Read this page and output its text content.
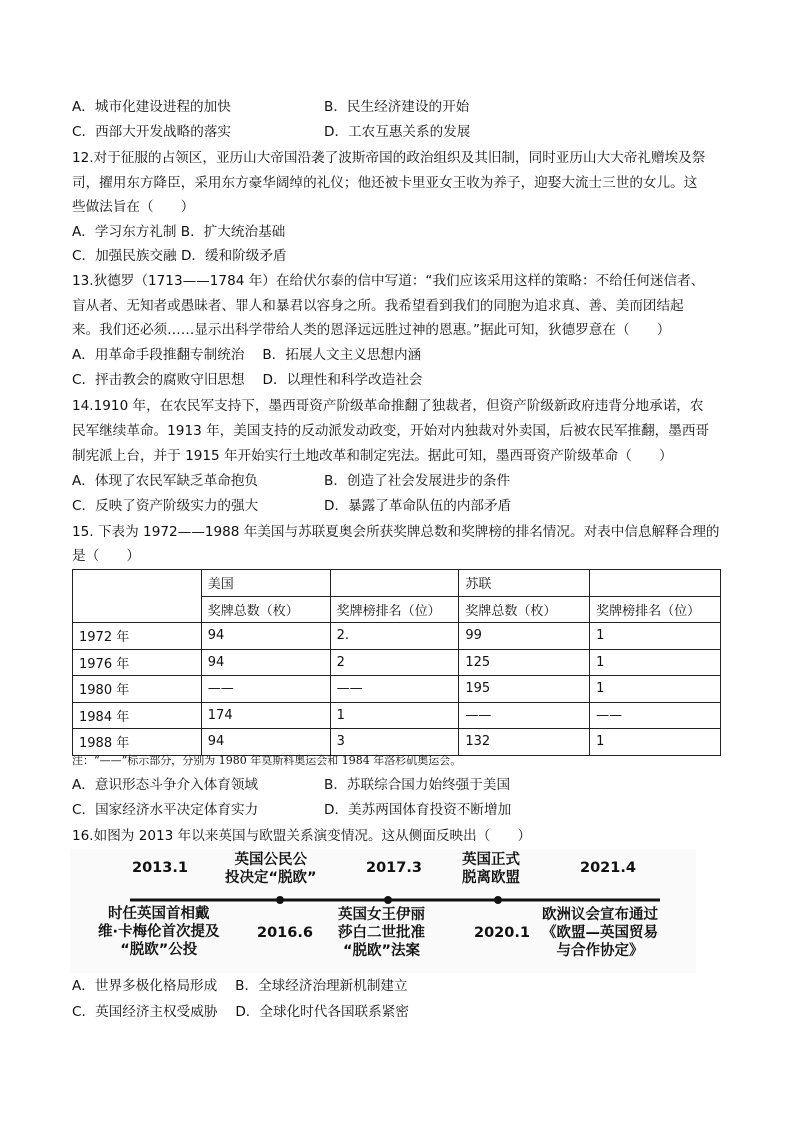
A．城市化建设进程的加快	B．民生经济建设的开始
C．西部大开发战略的落实	D．工农互惠关系的发展
12.对于征服的占领区，亚历山大帝国沿袭了波斯帝国的政治组织及其旧制，同时亚历山大大帝礼赠埃及祭
司，擢用东方降臣，采用东方豪华阔绰的礼仪；他还被卡里亚女王收为养子，迎娶大流士三世的女儿。这
些做法旨在（　　）
A．学习东方礼制 B．扩大统治基础
C．加强民族交融 D．缓和阶级矛盾
13.狄德罗（1713——1784 年）在给伏尔泰的信中写道：“我们应该采用这样的策略：不给任何迷信者、
盲从者、无知者或愚昧者、罪人和暴君以容身之所。我希望看到我们的同胞为追求真、善、美而团结起
来。我们还必须……显示出科学带给人类的恩泽远远胜过神的恩惠。”据此可知，狄德罗意在（　　）
A．用革命手段推翻专制统治　 B．拓展人文主义思想内涵
C．抨击教会的腐败守旧思想　 D．以理性和科学改造社会
14.1910 年，在农民军支持下，墨西哥资产阶级革命推翻了独裁者，但资产阶级新政府违背分地承诺，农
民军继续革命。1913 年，美国支持的反动派发动政变，开始对内独裁对外卖国，后被农民军推翻，墨西哥
制宪派上台，并于 1915 年开始实行土地改革和制定宪法。据此可知，墨西哥资产阶级革命（　　）
A．体现了农民军缺乏革命抱负	B．创造了社会发展进步的条件
C．反映了资产阶级实力的强大	D．暴露了革命队伍的内部矛盾
15. 下表为 1972——1988 年美国与苏联夏奥会所获奖牌总数和奖牌榜的排名情况。对表中信息解释合理的
是（　　）
	美国		苏联	
	奖牌总数（枚）	奖牌榜排名（位）	奖牌总数（枚）	奖牌榜排名（位）
1972 年	94	2.	99	1
1976 年	94	2	125	1
1980 年	——	——	195	1
1984 年	174	1	——	——
1988 年	94	3	132	1
注：“——”标示部分，分别为 1980 年莫斯科奥运会和 1984 年洛杉矶奥运会。
A．意识形态斗争介入体育领域	B．苏联综合国力始终强于美国
C．国家经济水平决定体育实力	D．美苏两国体育投资不断增加
16.如图为 2013 年以来英国与欧盟关系演变情况。这从侧面反映出（　　）
2013.1
时任英国首相戴
维·卡梅伦首次提及
“脱欧”公投
英国公民公
投决定“脱欧”
2016.6
2017.3
英国女王伊丽
莎白二世批准
“脱欧”法案
英国正式
脱离欧盟
2020.1
2021.4
欧洲议会宣布通过
《欧盟—英国贸易
与合作协定》
A．世界多极化格局形成　 B．全球经济治理新机制建立
C．英国经济主权受威胁　 D．全球化时代各国联系紧密
